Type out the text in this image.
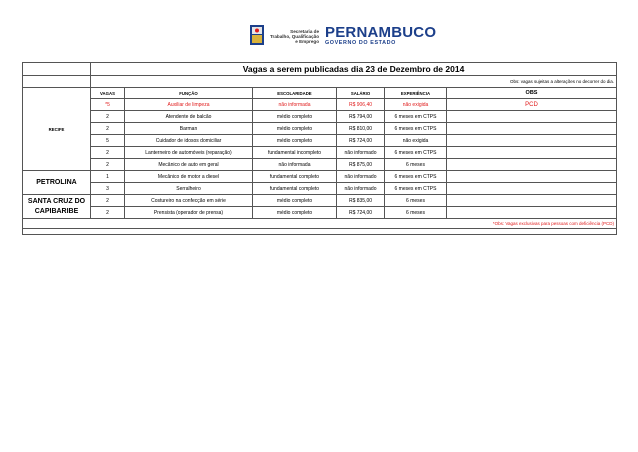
Secretaria de
Trabalho, Qualificação
e Emprego PERNAMBUCO
GOVERNO DO ESTADO
	Vagas a serem publicadas dia 23 de Dezembro de 2014					
	Obs: vagas sujeitas a alterações no decorrer do dia.					
RECIFE	VAGAS	FUNÇÃO	ESCOLARIDADE	SALÁRIO	EXPERIÊNCIA	OBS
	*5	Auxiliar de limpeza	não informada	R$ 906,40	não exigida	PCD
	2	Atendente de balcão	médio completo	R$ 794,00	6 meses em CTPS	
	2	Barman	médio completo	R$ 810,00	6 meses em CTPS	
	5	Cuidador de idosos domiciliar	médio completo	R$ 724,00	não exigida	
	2	Lanterneiro de automóveis (reparação)	fundamental incompleto	não informado	6 meses em CTPS	
	2	Mecânico de auto em geral	não informada	R$ 875,00	6 meses	
PETROLINA	1	Mecânico de motor a diesel	fundamental completo	não informado	6 meses em CTPS	
	3	Serralheiro	fundamental completo	não informado	6 meses em CTPS	
SANTA CRUZ DO CAPIBARIBE	2	Costureiro na confecção em série	médio completo	R$ 835,00	6 meses	
	2	Prensista (operador de prensa)	médio completo	R$ 724,00	6 meses	
*Obs: Vagas exclusivas para pessoas com deficiência (PCD)						
